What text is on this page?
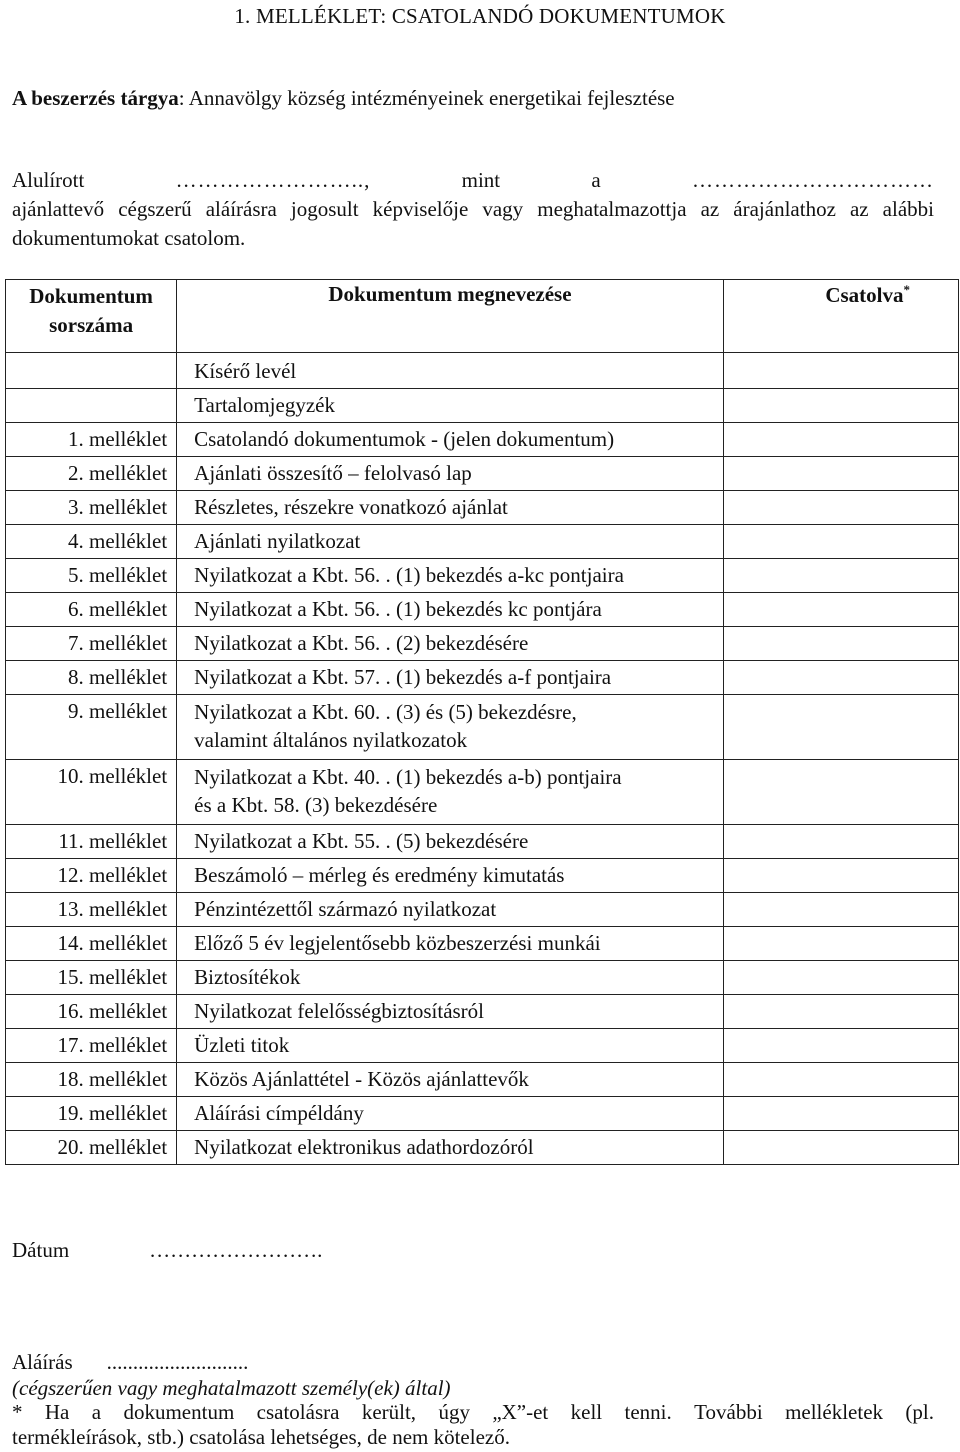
1. MELLÉKLET: CSATOLANDÓ DOKUMENTUMOK
A beszerzés tárgya: Annavölgy község intézményeinek energetikai fejlesztése
Alulírott	……………………..,	mint	a	……………………………
ajánlattevő cégszerű aláírásra jogosult képviselője vagy meghatalmazottja az árajánlathoz az alábbi dokumentumokat csatolom.
Dokumentum
sorszáma	Dokumentum megnevezése	Csatolva*
	Kísérő levél	
	Tartalomjegyzék	
1. melléklet	Csatolandó dokumentumok - (jelen dokumentum)	
2. melléklet	Ajánlati összesítő – felolvasó lap	
3. melléklet	Részletes, részekre vonatkozó ajánlat	
4. melléklet	Ajánlati nyilatkozat	
5. melléklet	Nyilatkozat a Kbt. 56. . (1) bekezdés a-kc pontjaira	
6. melléklet	Nyilatkozat a Kbt. 56. . (1) bekezdés kc pontjára	
7. melléklet	Nyilatkozat a Kbt. 56. . (2) bekezdésére	
8. melléklet	Nyilatkozat a Kbt. 57. . (1) bekezdés a-f pontjaira	
9. melléklet	Nyilatkozat a Kbt. 60. . (3) és (5) bekezdésre,
valamint általános nyilatkozatok	
10. melléklet	Nyilatkozat a Kbt. 40. . (1) bekezdés a-b) pontjaira
és a Kbt. 58. (3) bekezdésére	
11. melléklet	Nyilatkozat a Kbt. 55. . (5) bekezdésére	
12. melléklet	Beszámoló – mérleg és eredmény kimutatás	
13. melléklet	Pénzintézettől származó nyilatkozat	
14. melléklet	Előző 5 év legjelentősebb közbeszerzési munkái	
15. melléklet	Biztosítékok	
16. melléklet	Nyilatkozat felelősségbiztosításról	
17. melléklet	Üzleti titok	
18. melléklet	Közös Ajánlattétel - Közös ajánlattevők	
19. melléklet	Aláírási címpéldány	
20. melléklet	Nyilatkozat elektronikus adathordozóról	
Dátum	…………………….
Aláírás ...........................
(cégszerűen vagy meghatalmazott személy(ek) által)
* Ha a dokumentum csatolásra került, úgy „X”-et kell tenni. További mellékletek (pl.
termékleírások, stb.) csatolása lehetséges, de nem kötelező.
